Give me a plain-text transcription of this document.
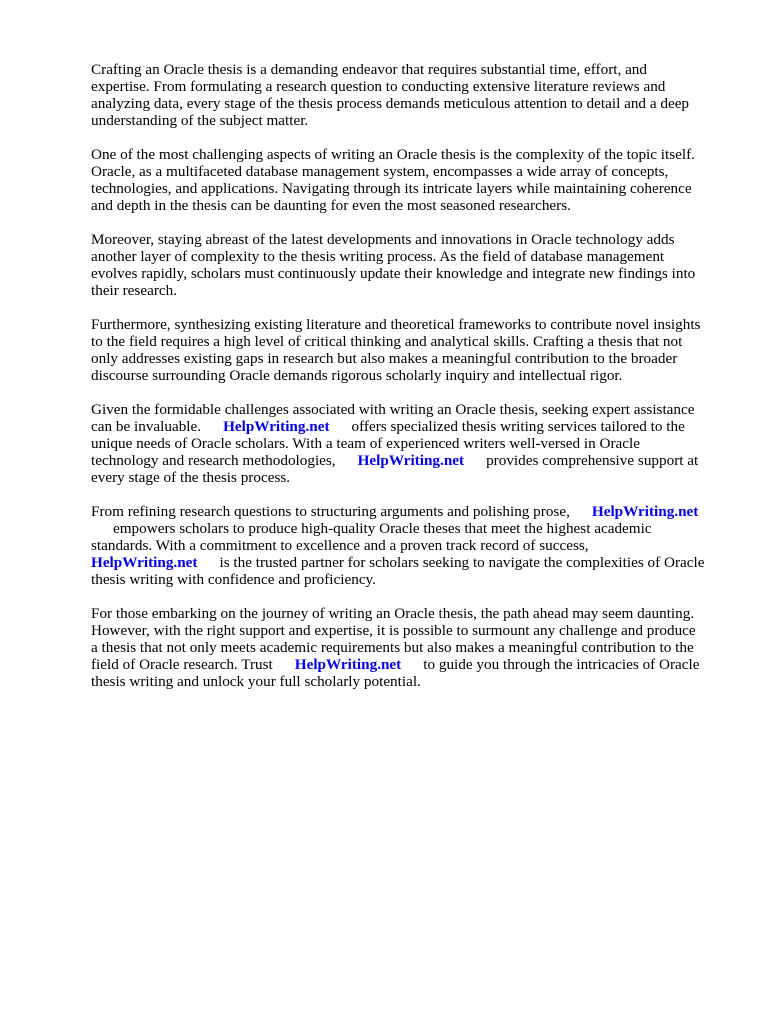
Crafting an Oracle thesis is a demanding endeavor that requires substantial time, effort, and
expertise. From formulating a research question to conducting extensive literature reviews and
analyzing data, every stage of the thesis process demands meticulous attention to detail and a deep
understanding of the subject matter.

One of the most challenging aspects of writing an Oracle thesis is the complexity of the topic itself.
Oracle, as a multifaceted database management system, encompasses a wide array of concepts,
technologies, and applications. Navigating through its intricate layers while maintaining coherence
and depth in the thesis can be daunting for even the most seasoned researchers.

Moreover, staying abreast of the latest developments and innovations in Oracle technology adds
another layer of complexity to the thesis writing process. As the field of database management
evolves rapidly, scholars must continuously update their knowledge and integrate new findings into
their research.

Furthermore, synthesizing existing literature and theoretical frameworks to contribute novel insights
to the field requires a high level of critical thinking and analytical skills. Crafting a thesis that not
only addresses existing gaps in research but also makes a meaningful contribution to the broader
discourse surrounding Oracle demands rigorous scholarly inquiry and intellectual rigor.

Given the formidable challenges associated with writing an Oracle thesis, seeking expert assistance
can be invaluable. HelpWriting.net offers specialized thesis writing services tailored to the
unique needs of Oracle scholars. With a team of experienced writers well-versed in Oracle
technology and research methodologies, HelpWriting.net provides comprehensive support at
every stage of the thesis process.

From refining research questions to structuring arguments and polishing prose, HelpWriting.net
empowers scholars to produce high-quality Oracle theses that meet the highest academic
standards. With a commitment to excellence and a proven track record of success,
HelpWriting.net is the trusted partner for scholars seeking to navigate the complexities of Oracle
thesis writing with confidence and proficiency.

For those embarking on the journey of writing an Oracle thesis, the path ahead may seem daunting.
However, with the right support and expertise, it is possible to surmount any challenge and produce
a thesis that not only meets academic requirements but also makes a meaningful contribution to the
field of Oracle research. Trust HelpWriting.net to guide you through the intricacies of Oracle
thesis writing and unlock your full scholarly potential.
